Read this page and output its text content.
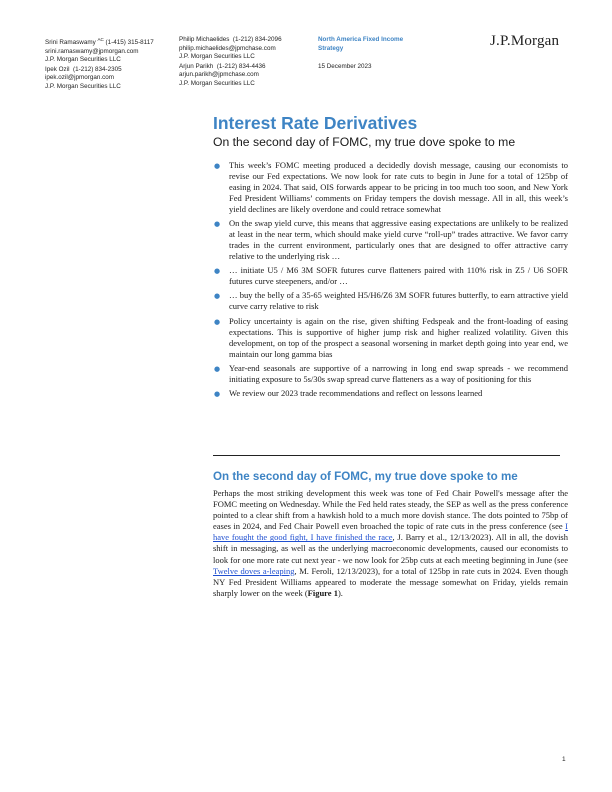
Srini Ramaswamy $^{AC}$ (1-415) 315-8117
srini.ramaswamy@jpmorgan.com
J.P. Morgan Securities LLC
Ipek Ozil (1-212) 834-2305
ipek.ozil@jpmorgan.com
J.P. Morgan Securities LLC
Philip Michaelides (1-212) 834-2096
philip.michaelides@jpmchase.com
J.P. Morgan Securities LLC
Arjun Parikh (1-212) 834-4436
arjun.parikh@jpmchase.com
J.P. Morgan Securities LLC
North America Fixed Income
Strategy
15 December 2023
J.P.Morgan
Interest Rate Derivatives
On the second day of FOMC, my true dove spoke to me
● This week’s FOMC meeting produced a decidedly dovish message, causing our economists to revise our Fed expectations. We now look for rate cuts to begin in June for a total of 125bp of easing in 2024. That said, OIS forwards appear to be pricing in too much too soon, and New York Fed President Williams’ comments on Friday tempers the dovish message. All in all, this week’s yield declines are likely overdone and could retrace somewhat
● On the swap yield curve, this means that aggressive easing expectations are unlikely to be realized at least in the near term, which should make yield curve “roll-up” trades attractive. We favor carry trades in the current environment, particularly ones that are designed to offer attractive carry relative to the underlying risk …
● … initiate U5 / M6 3M SOFR futures curve flatteners paired with 110% risk in Z5 / U6 SOFR futures curve steepeners, and/or …
● … buy the belly of a 35-65 weighted H5/H6/Z6 3M SOFR futures butterfly, to earn attractive yield curve carry relative to risk
● Policy uncertainty is again on the rise, given shifting Fedspeak and the front-loading of easing expectations. This is supportive of higher jump risk and higher realized volatility. Given this development, on top of the prospect a seasonal worsening in market depth going into year end, we maintain our long gamma bias
● Year-end seasonals are supportive of a narrowing in long end swap spreads - we recommend initiating exposure to 5s/30s swap spread curve flatteners as a way of positioning for this
● We review our 2023 trade recommendations and reflect on lessons learned
On the second day of FOMC, my true dove spoke to me

Perhaps the most striking development this week was tone of Fed Chair Powell's message after the FOMC meeting on Wednesday. While the Fed held rates steady, the SEP as well as the press conference pointed to a clear shift from a hawkish hold to a much more dovish stance. The dots pointed to 75bp of eases in 2024, and Fed Chair Powell even broached the topic of rate cuts in the press conference (see I have fought the good fight, I have finished the race, J. Barry et al., 12/13/2023). All in all, the dovish shift in messaging, as well as the underlying macroeconomic developments, caused our economists to look for one more rate cut next year - we now look for 25bp cuts at each meeting beginning in June (see Twelve doves a-leaping, M. Feroli, 12/13/2023), for a total of 125bp in rate cuts in 2024. Even though NY Fed President Williams appeared to moderate the message somewhat on Friday, yields remain sharply lower on the week (Figure 1).

1
